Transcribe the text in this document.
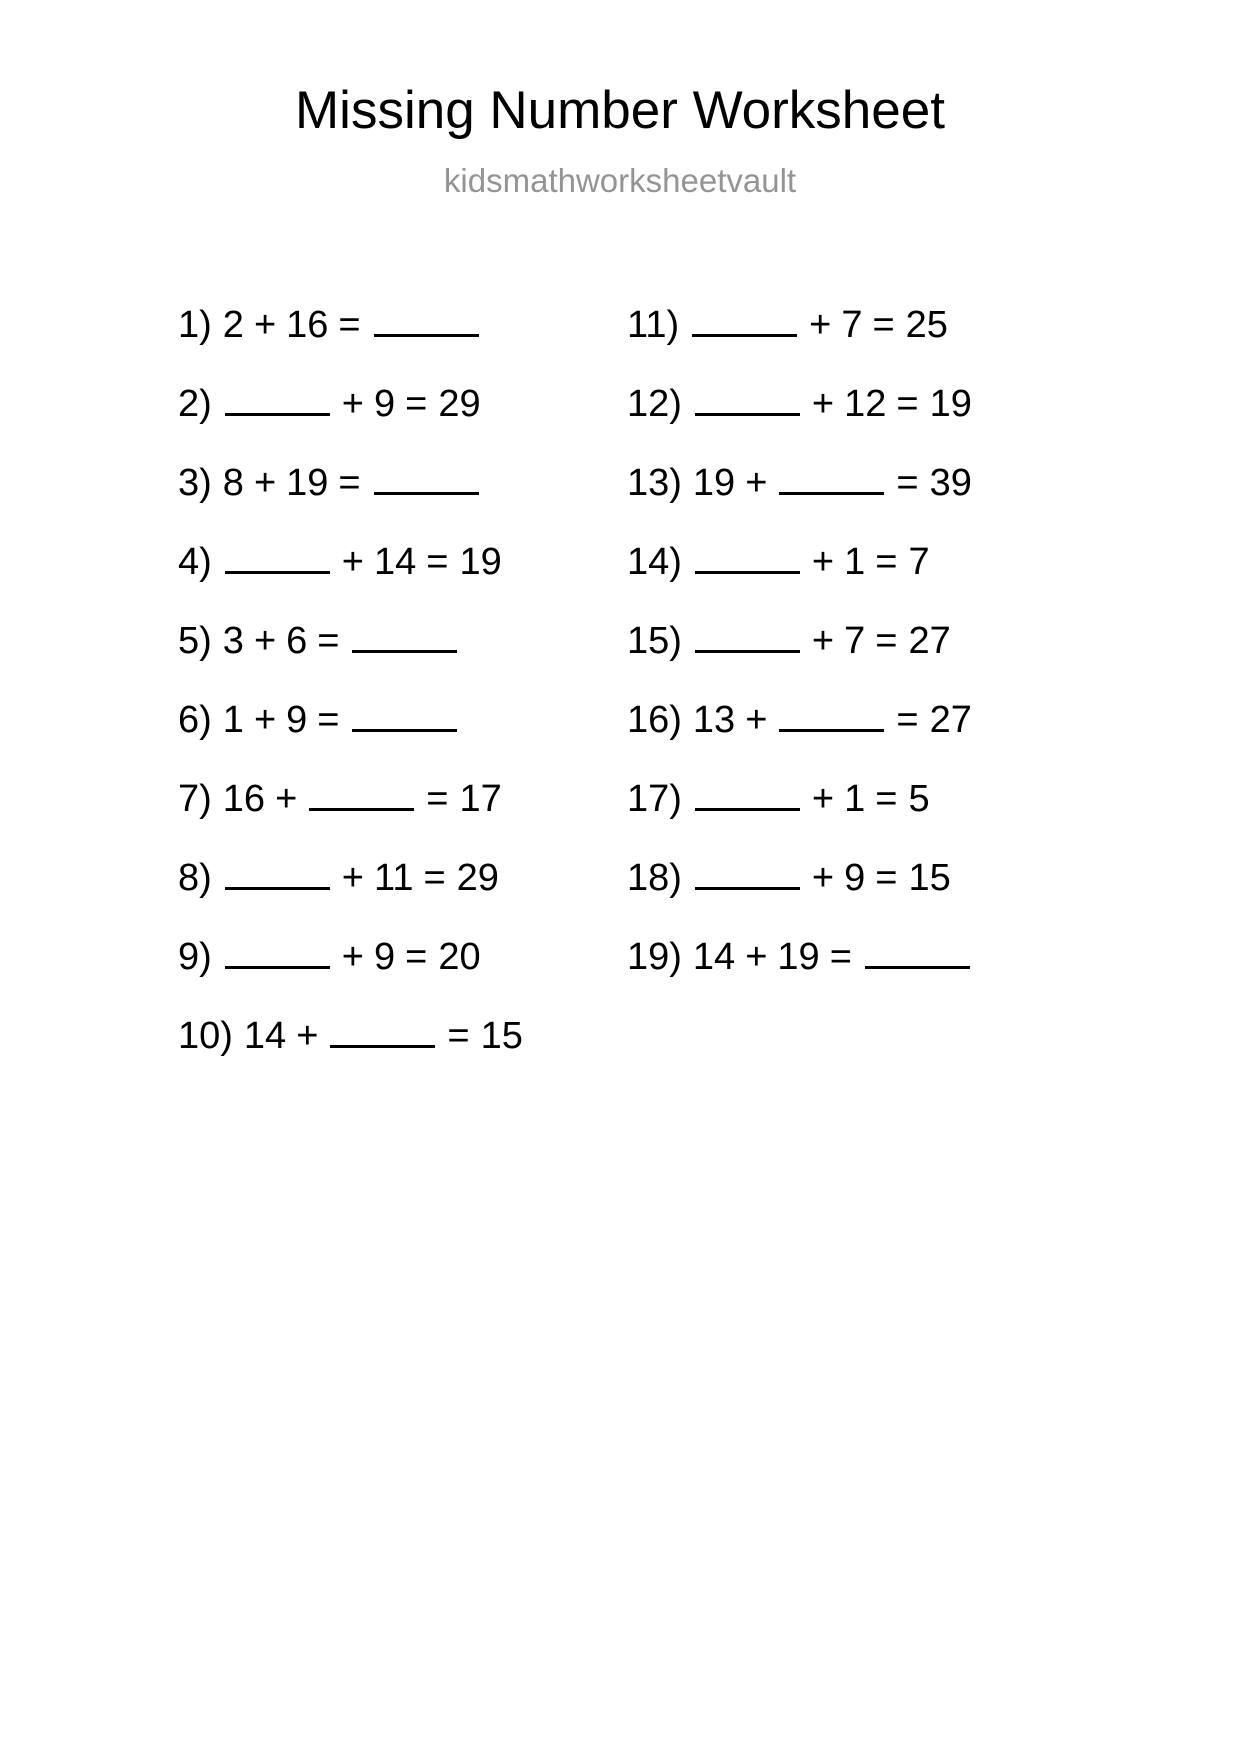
Missing Number Worksheet
kidsmathworksheetvault
1) 2 + 16 =
2)	+ 9 = 29
3) 8 + 19 =
4)	+ 14 = 19
5) 3 + 6 =
6) 1 + 9 =
7) 16 +	= 17
8)	+ 11 = 29
9)	+ 9 = 20
10) 14 +	= 15
11)	+ 7 = 25
12)	+ 12 = 19
13) 19 +	= 39
14)	+ 1 = 7
15)	+ 7 = 27
16) 13 +	= 27
17)	+ 1 = 5
18)	+ 9 = 15
19) 14 + 19 =
